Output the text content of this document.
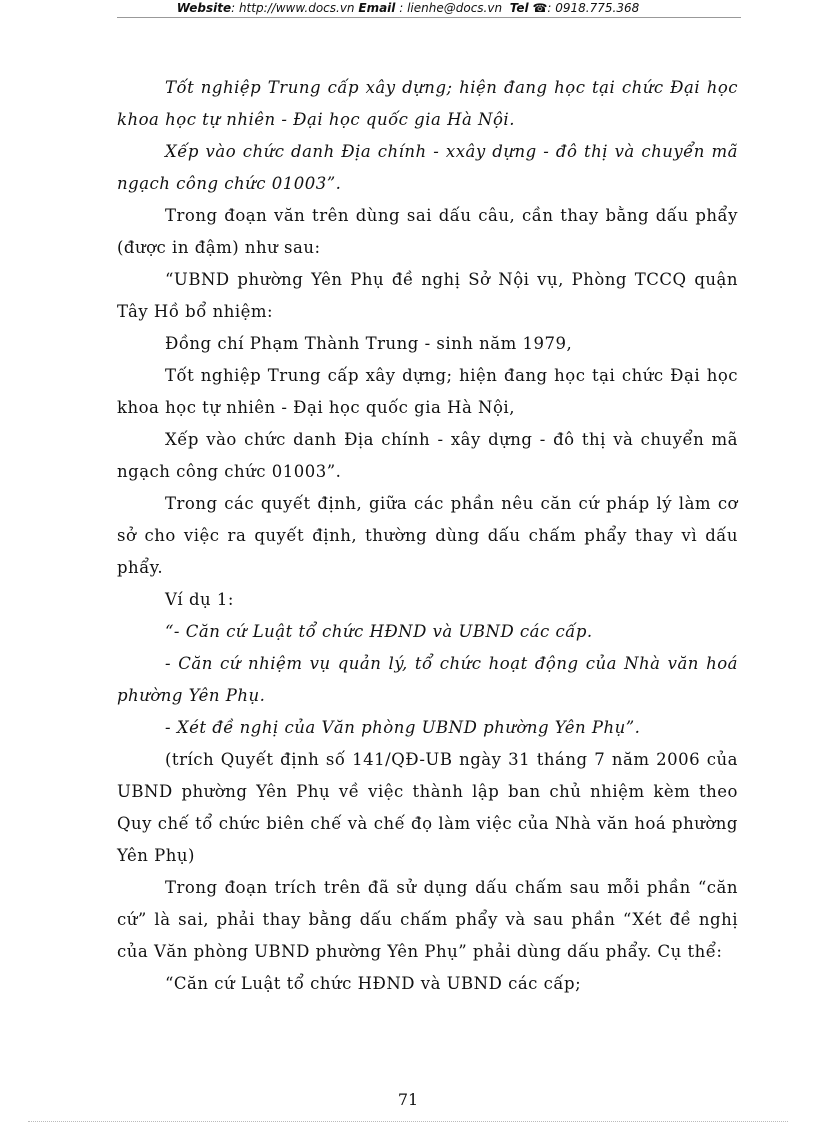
Website: http://www.docs.vn Email : lienhe@docs.vn Tel ☎: 0918.775.368

Tốt nghiệp Trung cấp xây dựng; hiện đang học tại chức Đại học khoa học tự nhiên - Đại học quốc gia Hà Nội.

Xếp vào chức danh Địa chính - xxây dựng - đô thị và chuyển mã ngạch công chức 01003”.

Trong đoạn văn trên dùng sai dấu câu, cần thay bằng dấu phẩy (được in đậm) như sau:

“UBND phường Yên Phụ đề nghị Sở Nội vụ, Phòng TCCQ quận Tây Hồ bổ nhiệm:

Đồng chí Phạm Thành Trung - sinh năm 1979,

Tốt nghiệp Trung cấp xây dựng; hiện đang học tại chức Đại học khoa học tự nhiên - Đại học quốc gia Hà Nội,

Xếp vào chức danh Địa chính - xây dựng - đô thị và chuyển mã ngạch công chức 01003”.

Trong các quyết định, giữa các phần nêu căn cứ pháp lý làm cơ sở cho việc ra quyết định, thường dùng dấu chấm phẩy thay vì dấu phẩy.

Ví dụ 1:

“- Căn cứ Luật tổ chức HĐND và UBND các cấp.

- Căn cứ nhiệm vụ quản lý, tổ chức hoạt động của Nhà văn hoá phường Yên Phụ.

- Xét đề nghị của Văn phòng UBND phường Yên Phụ”.

(trích Quyết định số 141/QĐ-UB ngày 31 tháng 7 năm 2006 của UBND phường Yên Phụ về việc thành lập ban chủ nhiệm kèm theo Quy chế tổ chức biên chế và chế đọ làm việc của Nhà văn hoá phường Yên Phụ)

Trong đoạn trích trên đã sử dụng dấu chấm sau mỗi phần “căn cứ” là sai, phải thay bằng dấu chấm phẩy và sau phần “Xét đề nghị của Văn phòng UBND phường Yên Phụ” phải dùng dấu phẩy. Cụ thể:

“Căn cứ Luật tổ chức HĐND và UBND các cấp;

71
